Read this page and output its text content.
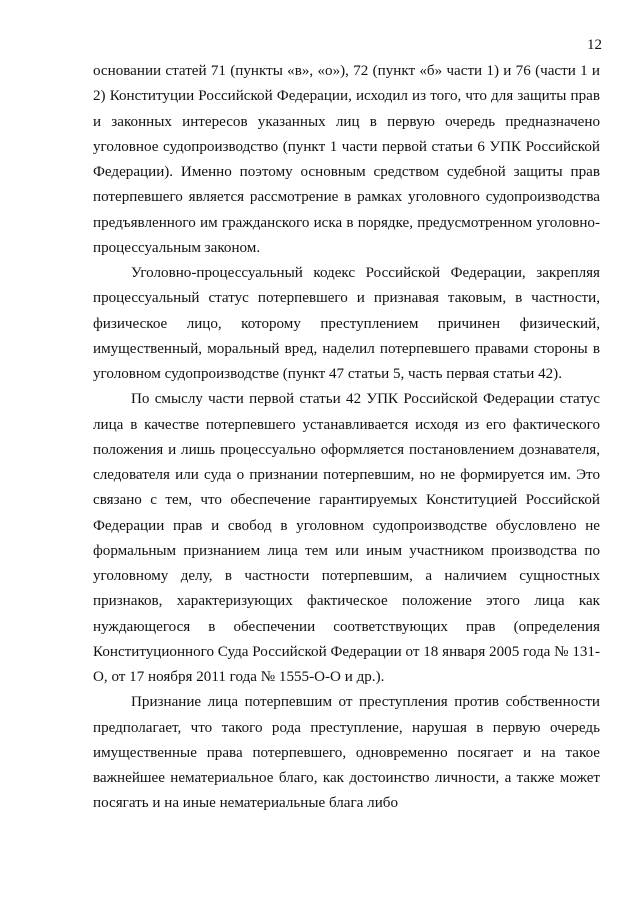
12

основании статей 71 (пункты «в», «о»), 72 (пункт «б» части 1) и 76 (части 1 и 2) Конституции Российской Федерации, исходил из того, что для защиты прав и законных интересов указанных лиц в первую очередь предназначено уголовное судопроизводство (пункт 1 части первой статьи 6 УПК Российской Федерации). Именно поэтому основным средством судебной защиты прав потерпевшего является рассмотрение в рамках уголовного судопроизводства предъявленного им гражданского иска в порядке, предусмотренном уголовно-процессуальным законом.

Уголовно-процессуальный кодекс Российской Федерации, закрепляя процессуальный статус потерпевшего и признавая таковым, в частности, физическое лицо, которому преступлением причинен физический, имущественный, моральный вред, наделил потерпевшего правами стороны в уголовном судопроизводстве (пункт 47 статьи 5, часть первая статьи 42).

По смыслу части первой статьи 42 УПК Российской Федерации статус лица в качестве потерпевшего устанавливается исходя из его фактического положения и лишь процессуально оформляется постановлением дознавателя, следователя или суда о признании потерпевшим, но не формируется им. Это связано с тем, что обеспечение гарантируемых Конституцией Российской Федерации прав и свобод в уголовном судопроизводстве обусловлено не формальным признанием лица тем или иным участником производства по уголовному делу, в частности потерпевшим, а наличием сущностных признаков, характеризующих фактическое положение этого лица как нуждающегося в обеспечении соответствующих прав (определения Конституционного Суда Российской Федерации от 18 января 2005 года № 131-О, от 17 ноября 2011 года № 1555-О-О и др.).

Признание лица потерпевшим от преступления против собственности предполагает, что такого рода преступление, нарушая в первую очередь имущественные права потерпевшего, одновременно посягает и на такое важнейшее нематериальное благо, как достоинство личности, а также может посягать и на иные нематериальные блага либо
